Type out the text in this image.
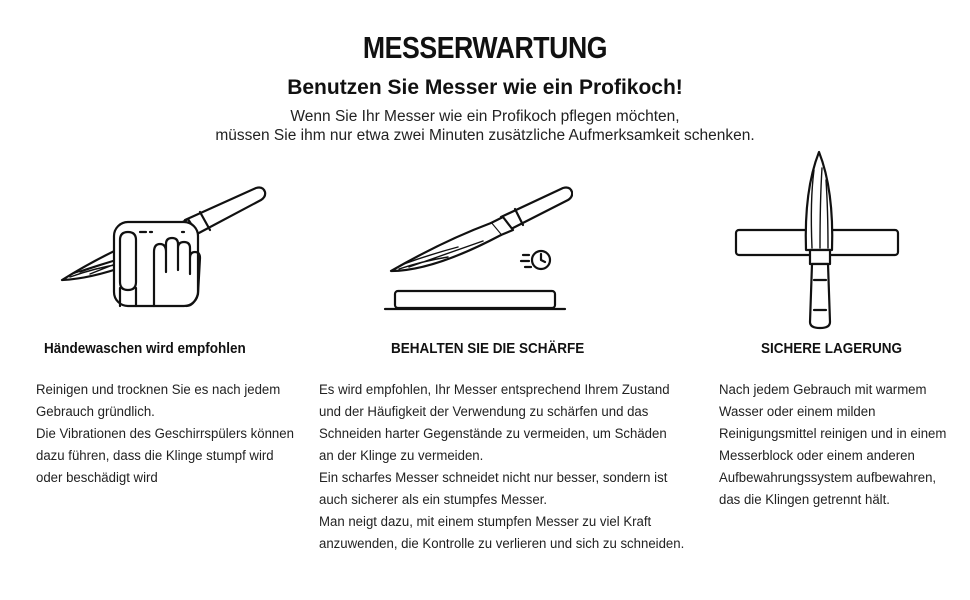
MESSERWARTUNG
Benutzen Sie Messer wie ein Profikoch!
Wenn Sie Ihr Messer wie ein Profikoch pflegen möchten,
müssen Sie ihm nur etwa zwei Minuten zusätzliche Aufmerksamkeit schenken.
Händewaschen wird empfohlen

Reinigen und trocknen Sie es nach jedem

Gebrauch gründlich.

Die Vibrationen des Geschirrspülers können

dazu führen, dass die Klinge stumpf wird

oder beschädigt wird

BEHALTEN SIE DIE SCHÄRFE

Es wird empfohlen, Ihr Messer entsprechend Ihrem Zustand

und der Häufigkeit der Verwendung zu schärfen und das

Schneiden harter Gegenstände zu vermeiden, um Schäden

an der Klinge zu vermeiden.

Ein scharfes Messer schneidet nicht nur besser, sondern ist

auch sicherer als ein stumpfes Messer.

Man neigt dazu, mit einem stumpfen Messer zu viel Kraft

anzuwenden, die Kontrolle zu verlieren und sich zu schneiden.

SICHERE LAGERUNG

Nach jedem Gebrauch mit warmem

Wasser oder einem milden

Reinigungsmittel reinigen und in einem

Messerblock oder einem anderen

Aufbewahrungssystem aufbewahren,

das die Klingen getrennt hält.
